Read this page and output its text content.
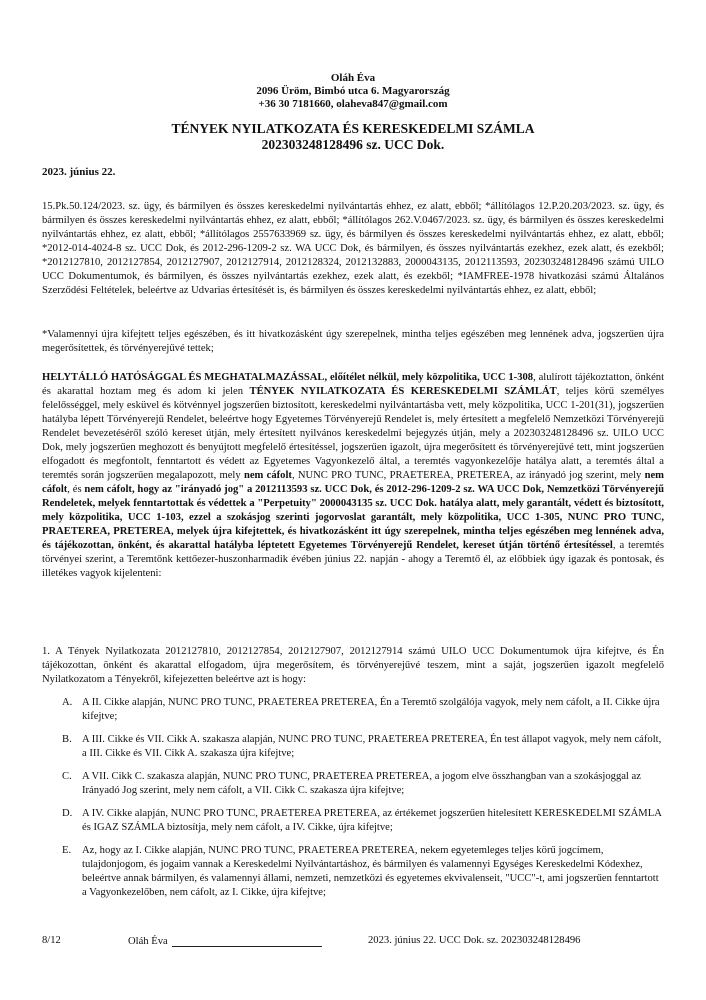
Oláh Éva
2096 Üröm, Bimbó utca 6. Magyarország
+36 30 7181660, olaheva847@gmail.com
TÉNYEK NYILATKOZATA ÉS KERESKEDELMI SZÁMLA
202303248128496 sz. UCC Dok.
2023. június 22.

15.Pk.50.124/2023. sz. ügy, és bármilyen és összes kereskedelmi nyilvántartás ehhez, ez alatt, ebből; *állítólagos 12.P.20.203/2023. sz. ügy, és bármilyen és összes kereskedelmi nyilvántartás ehhez, ez alatt, ebből; *állítólagos 262.V.0467/2023. sz. ügy, és bármilyen és összes kereskedelmi nyilvántartás ehhez, ez alatt, ebből; *állítólagos 2557633969 sz. ügy, és bármilyen és összes kereskedelmi nyilvántartás ehhez, ez alatt, ebből; *2012-014-4024-8 sz. UCC Dok, és 2012-296-1209-2 sz. WA UCC Dok, és bármilyen, és összes nyilvántartás ezekhez, ezek alatt, és ezekből; *2012127810, 2012127854, 2012127907, 2012127914, 2012128324, 2012132883, 2000043135, 2012113593, 202303248128496 számú UILO UCC Dokumentumok, és bármilyen, és összes nyilvántartás ezekhez, ezek alatt, és ezekből; *IAMFREE-1978 hivatkozási számú Általános Szerződési Feltételek, beleértve az Udvarias értesítését is, és bármilyen és összes kereskedelmi nyilvántartás ehhez, ez alatt, ebből;

*Valamennyi újra kifejtett teljes egészében, és itt hivatkozásként úgy szerepelnek, mintha teljes egészében meg lennének adva, jogszerűen újra megerősítettek, és törvényerejűvé tettek;

HELYTÁLLÓ HATÓSÁGGAL ÉS MEGHATALMAZÁSSAL, előítélet nélkül, mely közpolitika, UCC 1-308, alulírott tájékoztatton, önként és akarattal hoztam meg és adom ki jelen TÉNYEK NYILATKOZATA ÉS KERESKEDELMI SZÁMLÁT, teljes körű személyes felelősséggel, mely esküvel és kötvénnyel jogszerűen biztosított, kereskedelmi nyilvántartásba vett, mely közpolitika, UCC 1-201(31), jogszerűen hatályba lépett Törvényerejű Rendelet, beleértve hogy Egyetemes Törvényerejű Rendelet is, mely értesített a megfelelő Nemzetközi Törvényerejű Rendelet bevezetéséről szóló kereset útján, mely értesített nyilvános kereskedelmi bejegyzés útján, mely a 202303248128496 sz. UILO UCC Dok, mely jogszerűen meghozott és benyújtott megfelelő értesítéssel, jogszerűen igazolt, újra megerősített és törvényerejűvé tett, mint jogszerűen elfogadott és megfontolt, fenntartott és védett az Egyetemes Vagyonkezelő által, a teremtés vagyonkezelője hatálya alatt, a teremtés által a teremtés során jogszerűen megalapozott, mely nem cáfolt, NUNC PRO TUNC, PRAETEREA, PRETEREA, az irányadó jog szerint, mely nem cáfolt, és nem cáfolt, hogy az "irányadó jog" a 2012113593 sz. UCC Dok, és 2012-296-1209-2 sz. WA UCC Dok, Nemzetközi Törvényerejű Rendeletek, melyek fenntartottak és védettek a "Perpetuity" 2000043135 sz. UCC Dok. hatálya alatt, mely garantált, védett és biztosított, mely közpolitika, UCC 1-103, ezzel a szokásjog szerinti jogorvoslat garantált, mely közpolitika, UCC 1-305, NUNC PRO TUNC, PRAETEREA, PRETEREA, melyek újra kifejtettek, és hivatkozásként itt úgy szerepelnek, mintha teljes egészében meg lennének adva, és tájékozottan, önként, és akarattal hatályba léptetett Egyetemes Törvényerejű Rendelet, kereset útján történő értesítéssel, a teremtés törvényei szerint, a Teremtőnk kettőezer-huszonharmadik évében június 22. napján - ahogy a Teremtő él, az előbbiek úgy igazak és pontosak, és illetékes vagyok kijelenteni:

1. A Tények Nyilatkozata 2012127810, 2012127854, 2012127907, 2012127914 számú UILO UCC Dokumentumok újra kifejtve, és Én tájékozottan, önként és akarattal elfogadom, újra megerősítem, és törvényerejűvé teszem, mint a saját, jogszerűen igazolt megfelelő Nyilatkozatom a Tényekről, kifejezetten beleértve azt is hogy:

A. A II. Cikke alapján, NUNC PRO TUNC, PRAETEREA PRETEREA, Én a Teremtő szolgálója vagyok, mely nem cáfolt, a II. Cikke újra kifejtve;
B. A III. Cikke és VII. Cikk A. szakasza alapján, NUNC PRO TUNC, PRAETEREA PRETEREA, Én test állapot vagyok, mely nem cáfolt, a III. Cikke és VII. Cikk A. szakasza újra kifejtve;
C. A VII. Cikk C. szakasza alapján, NUNC PRO TUNC, PRAETEREA PRETEREA, a jogom elve összhangban van a szokásjoggal az Irányadó Jog szerint, mely nem cáfolt, a VII. Cikk C. szakasza újra kifejtve;
D. A IV. Cikke alapján, NUNC PRO TUNC, PRAETEREA PRETEREA, az értékemet jogszerűen hitelesített KERESKEDELMI SZÁMLA és IGAZ SZÁMLA biztosítja, mely nem cáfolt, a IV. Cikke, újra kifejtve;
E. Az, hogy az I. Cikke alapján, NUNC PRO TUNC, PRAETEREA PRETEREA, nekem egyetemleges teljes körű jogcímem, tulajdonjogom, és jogaim vannak a Kereskedelmi Nyilvántartáshoz, és bármilyen és valamennyi Egységes Kereskedelmi Kódexhez, beleértve annak bármilyen, és valamennyi állami, nemzeti, nemzetközi és egyetemes ekvivalenseit, "UCC"-t, ami jogszerűen fenntartott a Vagyonkezelőben, nem cáfolt, az I. Cikke, újra kifejtve;
8/12	Oláh Éva	2023. június 22. UCC Dok. sz. 202303248128496
